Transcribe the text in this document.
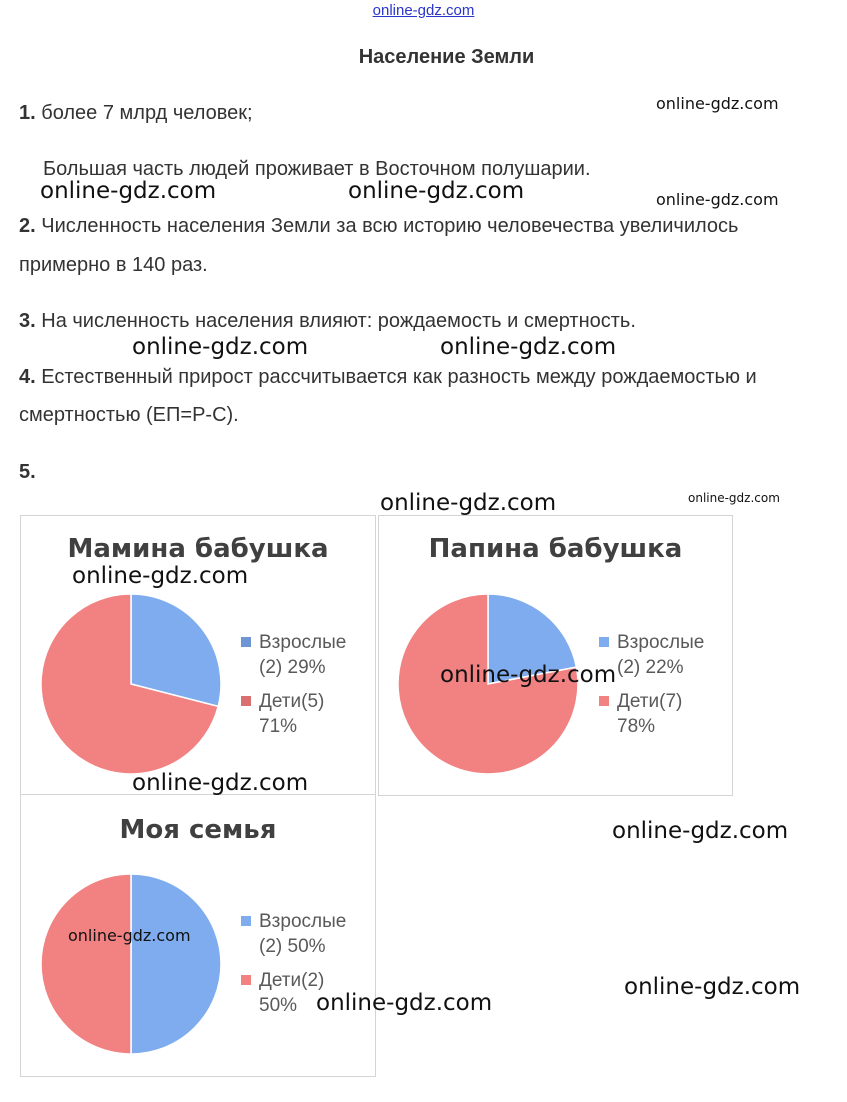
online-gdz.com
Население Земли
1. более 7 млрд человек;
Большая часть людей проживает в Восточном полушарии.
2. Численность населения Земли за всю историю человечества увеличилось
примерно в 140 раз.
3. На численность населения влияют: рождаемость и смертность.
4. Естественный прирост рассчитывается как разность между рождаемостью и
смертностью (ЕП=Р-С).
5.
Мамина бабушка
Взрослые
(2) 29%
Дети(5)
71%
Папина бабушка
Взрослые
(2) 22%
Дети(7)
78%
Моя семья
Взрослые
(2) 50%
Дети(2)
50%
online-gdz.com
online-gdz.com	online-gdz.com	online-gdz.com
online-gdz.com	online-gdz.com
online-gdz.com	online-gdz.com
online-gdz.com
online-gdz.com
online-gdz.com
online-gdz.com
online-gdz.com
online-gdz.com
online-gdz.com
